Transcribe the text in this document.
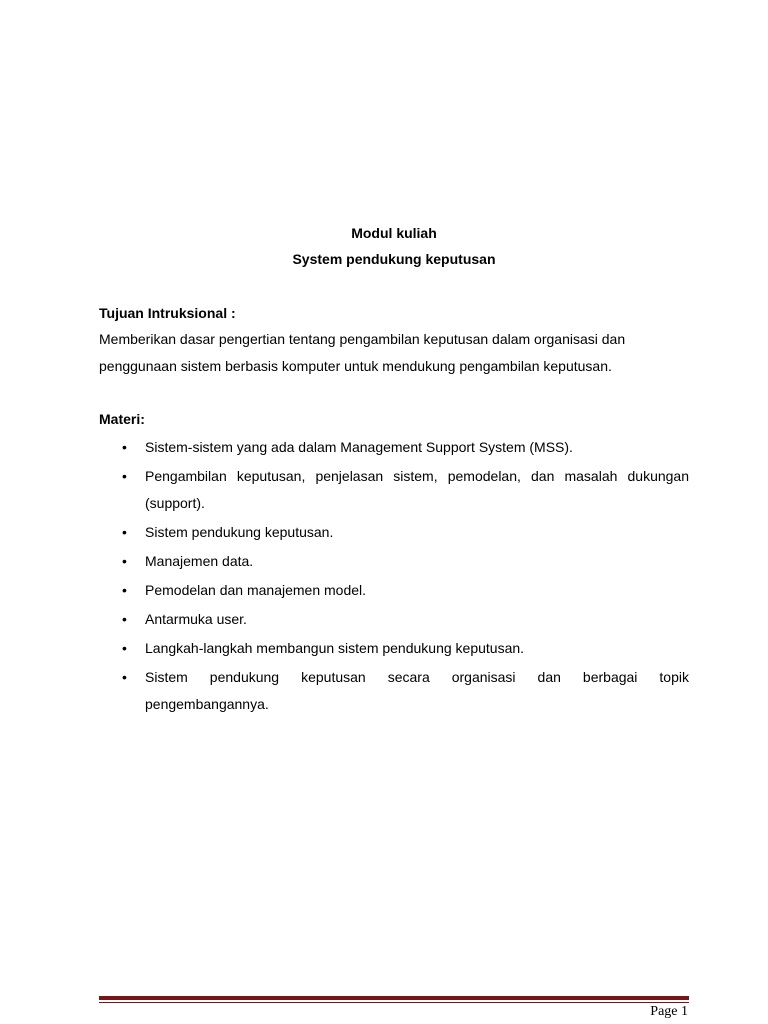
Modul kuliah
System pendukung keputusan
Tujuan Intruksional :
Memberikan dasar pengertian tentang pengambilan keputusan dalam organisasi dan penggunaan sistem berbasis komputer untuk mendukung pengambilan keputusan.
Materi:
• Sistem-sistem yang ada dalam Management Support System (MSS).
• Pengambilan keputusan, penjelasan sistem, pemodelan, dan masalah dukungan (support).
• Sistem pendukung keputusan.
• Manajemen data.
• Pemodelan dan manajemen model.
• Antarmuka user.
• Langkah-langkah membangun sistem pendukung keputusan.
• Sistem pendukung keputusan secara organisasi dan berbagai topik pengembangannya.
Page 1
